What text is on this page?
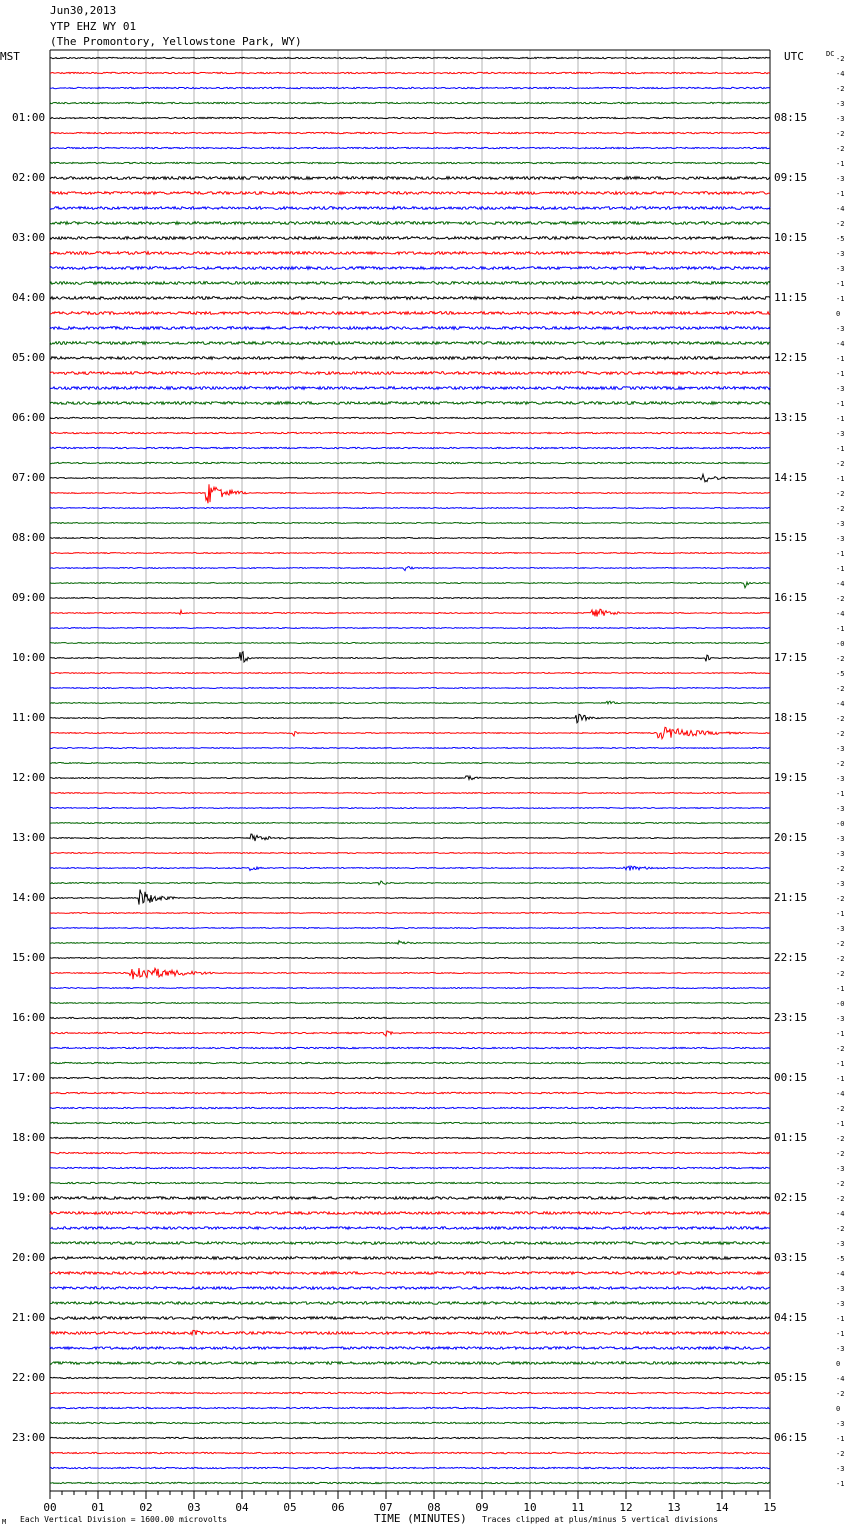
Jun30,2013
YTP EHZ WY 01
(The Promontory, Yellowstone Park, WY)
MST	UTC	DC
01:00
02:00
03:00
04:00
05:00
06:00
07:00
08:00
09:00
10:00
11:00
12:00
13:00
14:00
15:00
16:00
17:00
18:00
19:00
20:00
21:00
22:00
23:00
08:15
09:15
10:15
11:15
12:15
13:15
14:15
15:15
16:15
17:15
18:15
19:15
20:15
21:15
22:15
23:15
00:15
01:15
02:15
03:15
04:15
05:15
06:15
-2
-4
-2
-3
-3
-2
-2
-1
-3
-1
-4
-2
-5
-3
-3
-1
-1
0
-3
-4
-1
-1
-3
-1
-1
-3
-1
-2
-1
-2
-2
-3
-3
-1
-1
-4
-2
-4
-1
-0
-2
-5
-2
-4
-2
-2
-3
-2
-3
-1
-3
-0
-3
-3
-2
-3
-2
-1
-3
-2
-2
-2
-1
-0
-3
-1
-2
-1
-1
-4
-2
-1
-2
-2
-3
-2
-2
-4
-2
-3
-5
-4
-3
-3
-1
-1
-3
0
-4
-2
0
-3
-1
-2
-3
-1
00	01	02	03	04	05	06	07	08	09	10	11	12	13	14	15
M Each Vertical Division = 1600.00 microvolts	TIME (MINUTES) Traces clipped at plus/minus 5 vertical divisions
